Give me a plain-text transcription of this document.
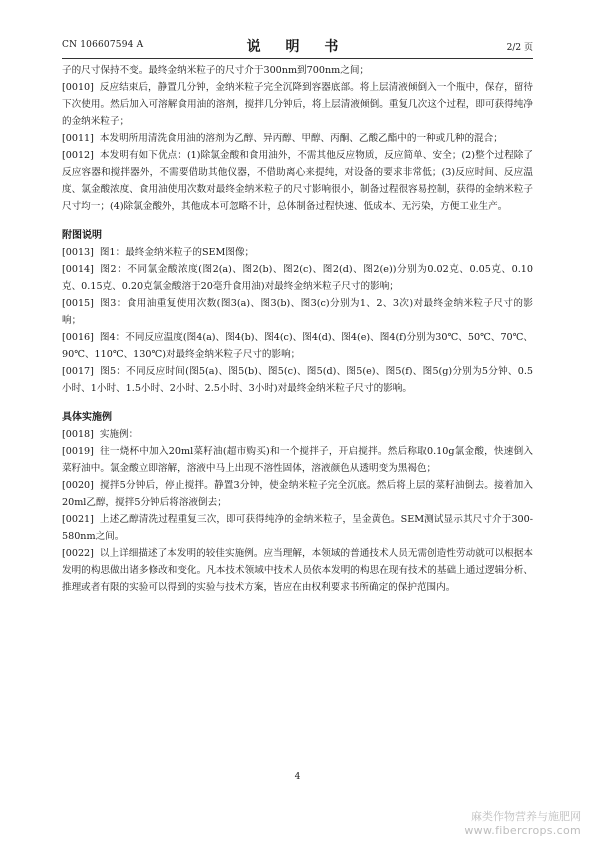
CN 106607594 A	说 明 书	2/2 页

子的尺寸保持不变。最终金纳米粒子的尺寸介于300nm到700nm之间；

[0010] 反应结束后，静置几分钟，金纳米粒子完全沉降到容器底部。将上层清液倾倒入一个瓶中，保存，留待下次使用。然后加入可溶解食用油的溶剂，搅拌几分钟后，将上层清液倾倒。重复几次这个过程，即可获得纯净的金纳米粒子；

[0011] 本发明所用清洗食用油的溶剂为乙醇、异丙醇、甲醇、丙酮、乙酸乙酯中的一种或几种的混合；

[0012] 本发明有如下优点：(1)除氯金酸和食用油外，不需其他反应物质，反应简单、安全；(2)整个过程除了反应容器和搅拌器外，不需要借助其他仪器，不借助离心来提纯，对设备的要求非常低；(3)反应时间、反应温度、氯金酸浓度、食用油使用次数对最终金纳米粒子的尺寸影响很小，制备过程很容易控制，获得的金纳米粒子尺寸均一；(4)除氯金酸外，其他成本可忽略不计，总体制备过程快速、低成本、无污染，方便工业生产。

附图说明

[0013] 图1：最终金纳米粒子的SEM图像；

[0014] 图2：不同氯金酸浓度(图2(a)、图2(b)、图2(c)、图2(d)、图2(e))分别为0.02克、0.05克、0.10克、0.15克、0.20克氯金酸溶于20毫升食用油)对最终金纳米粒子尺寸的影响；

[0015] 图3：食用油重复使用次数(图3(a)、图3(b)、图3(c)分别为1、2、3次)对最终金纳米粒子尺寸的影响；

[0016] 图4：不同反应温度(图4(a)、图4(b)、图4(c)、图4(d)、图4(e)、图4(f)分别为30℃、50℃、70℃、90℃、110℃、130℃)对最终金纳米粒子尺寸的影响；

[0017] 图5：不同反应时间(图5(a)、图5(b)、图5(c)、图5(d)、图5(e)、图5(f)、图5(g)分别为5分钟、0.5小时、1小时、1.5小时、2小时、2.5小时、3小时)对最终金纳米粒子尺寸的影响。

具体实施例

[0018] 实施例：

[0019] 往一烧杯中加入20ml菜籽油(超市购买)和一个搅拌子，开启搅拌。然后称取0.10g氯金酸，快速倒入菜籽油中。氯金酸立即溶解，溶液中马上出现不溶性固体，溶液颜色从透明变为黑褐色；

[0020] 搅拌5分钟后，停止搅拌。静置3分钟，使金纳米粒子完全沉底。然后将上层的菜籽油倒去。接着加入20ml乙醇，搅拌5分钟后将溶液倒去；

[0021] 上述乙醇清洗过程重复三次，即可获得纯净的金纳米粒子，呈金黄色。SEM测试显示其尺寸介于300-580nm之间。

[0022] 以上详细描述了本发明的较佳实施例。应当理解，本领域的普通技术人员无需创造性劳动就可以根据本发明的构思做出诸多修改和变化。凡本技术领域中技术人员依本发明的构思在现有技术的基础上通过逻辑分析、推理或者有限的实验可以得到的实验与技术方案，皆应在由权利要求书所确定的保护范围内。

4
麻类作物营养与施肥网
www.fibercrops.com
